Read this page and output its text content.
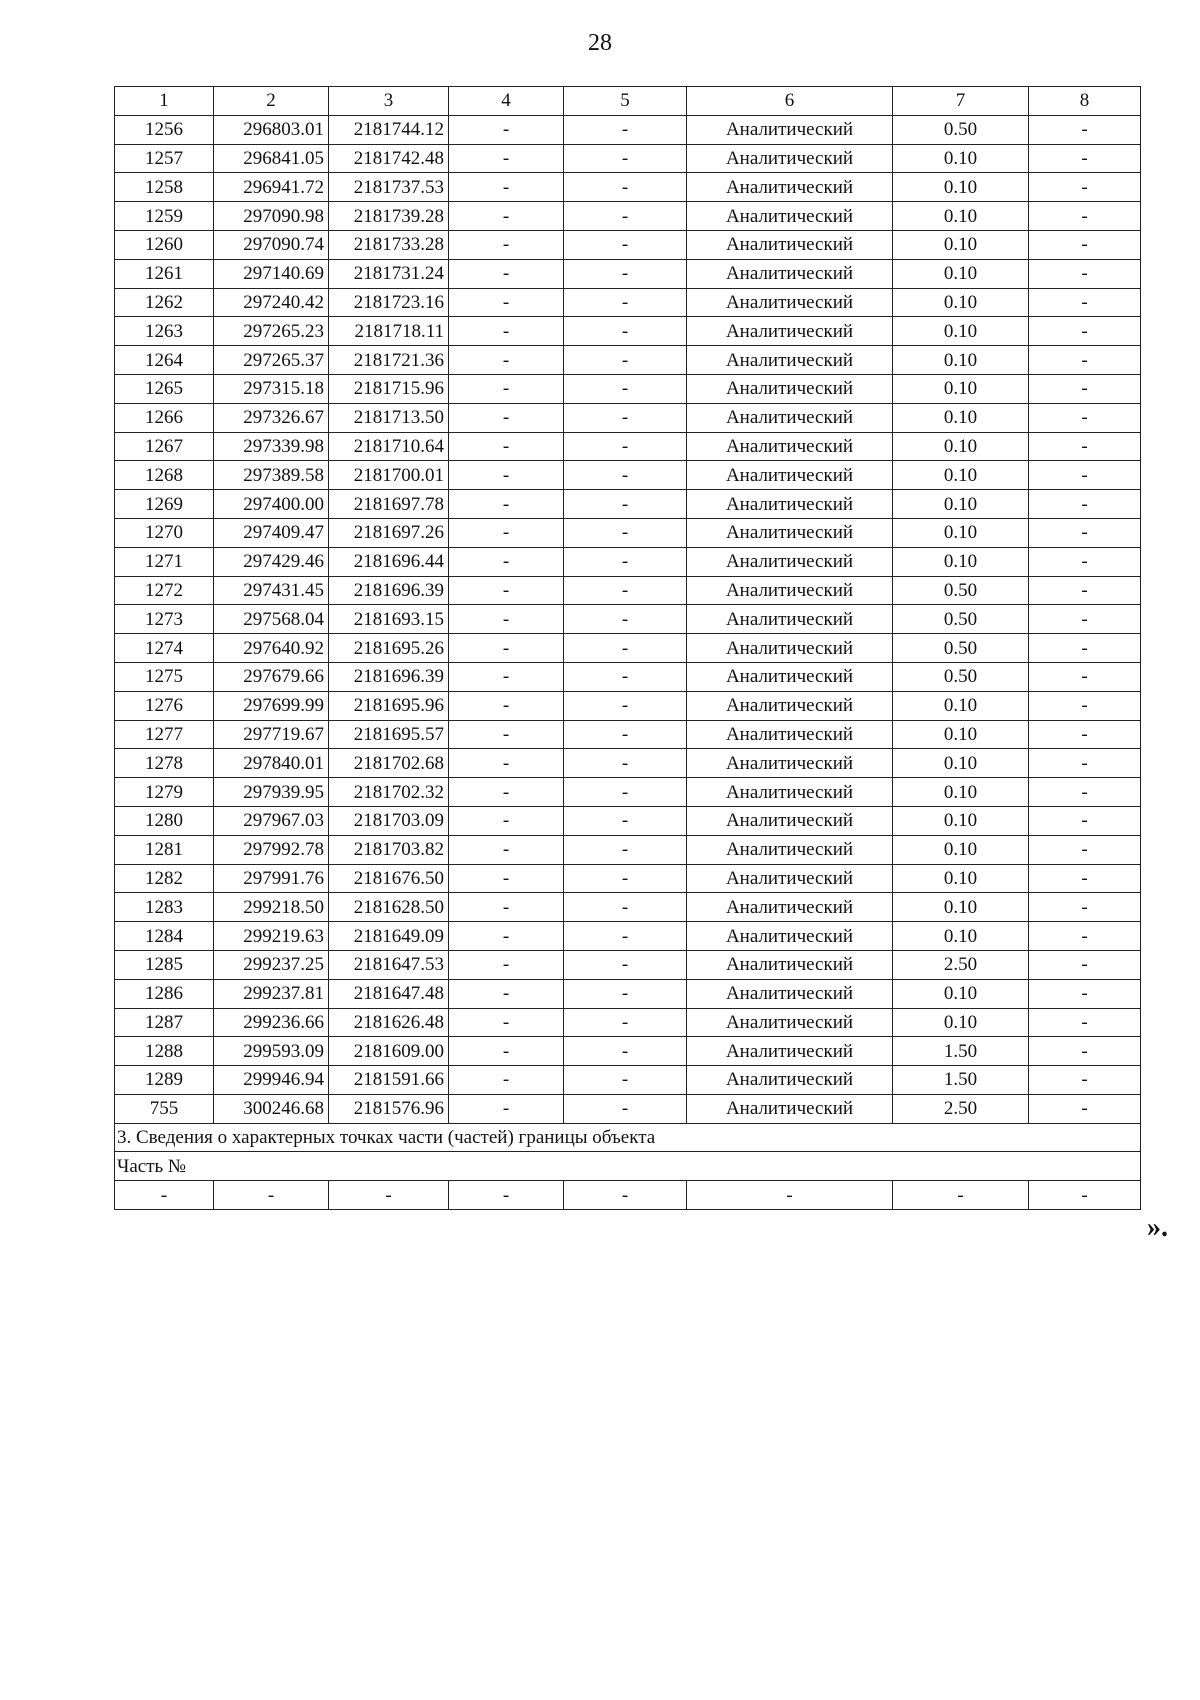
28
1	2	3	4	5	6	7	8
1256	296803.01	2181744.12	-	-	Аналитический	0.50	-
1257	296841.05	2181742.48	-	-	Аналитический	0.10	-
1258	296941.72	2181737.53	-	-	Аналитический	0.10	-
1259	297090.98	2181739.28	-	-	Аналитический	0.10	-
1260	297090.74	2181733.28	-	-	Аналитический	0.10	-
1261	297140.69	2181731.24	-	-	Аналитический	0.10	-
1262	297240.42	2181723.16	-	-	Аналитический	0.10	-
1263	297265.23	2181718.11	-	-	Аналитический	0.10	-
1264	297265.37	2181721.36	-	-	Аналитический	0.10	-
1265	297315.18	2181715.96	-	-	Аналитический	0.10	-
1266	297326.67	2181713.50	-	-	Аналитический	0.10	-
1267	297339.98	2181710.64	-	-	Аналитический	0.10	-
1268	297389.58	2181700.01	-	-	Аналитический	0.10	-
1269	297400.00	2181697.78	-	-	Аналитический	0.10	-
1270	297409.47	2181697.26	-	-	Аналитический	0.10	-
1271	297429.46	2181696.44	-	-	Аналитический	0.10	-
1272	297431.45	2181696.39	-	-	Аналитический	0.50	-
1273	297568.04	2181693.15	-	-	Аналитический	0.50	-
1274	297640.92	2181695.26	-	-	Аналитический	0.50	-
1275	297679.66	2181696.39	-	-	Аналитический	0.50	-
1276	297699.99	2181695.96	-	-	Аналитический	0.10	-
1277	297719.67	2181695.57	-	-	Аналитический	0.10	-
1278	297840.01	2181702.68	-	-	Аналитический	0.10	-
1279	297939.95	2181702.32	-	-	Аналитический	0.10	-
1280	297967.03	2181703.09	-	-	Аналитический	0.10	-
1281	297992.78	2181703.82	-	-	Аналитический	0.10	-
1282	297991.76	2181676.50	-	-	Аналитический	0.10	-
1283	299218.50	2181628.50	-	-	Аналитический	0.10	-
1284	299219.63	2181649.09	-	-	Аналитический	0.10	-
1285	299237.25	2181647.53	-	-	Аналитический	2.50	-
1286	299237.81	2181647.48	-	-	Аналитический	0.10	-
1287	299236.66	2181626.48	-	-	Аналитический	0.10	-
1288	299593.09	2181609.00	-	-	Аналитический	1.50	-
1289	299946.94	2181591.66	-	-	Аналитический	1.50	-
755	300246.68	2181576.96	-	-	Аналитический	2.50	-
3. Сведения о характерных точках части (частей) границы объекта							
Часть №							
-	-	-	-	-	-	-	-
».
